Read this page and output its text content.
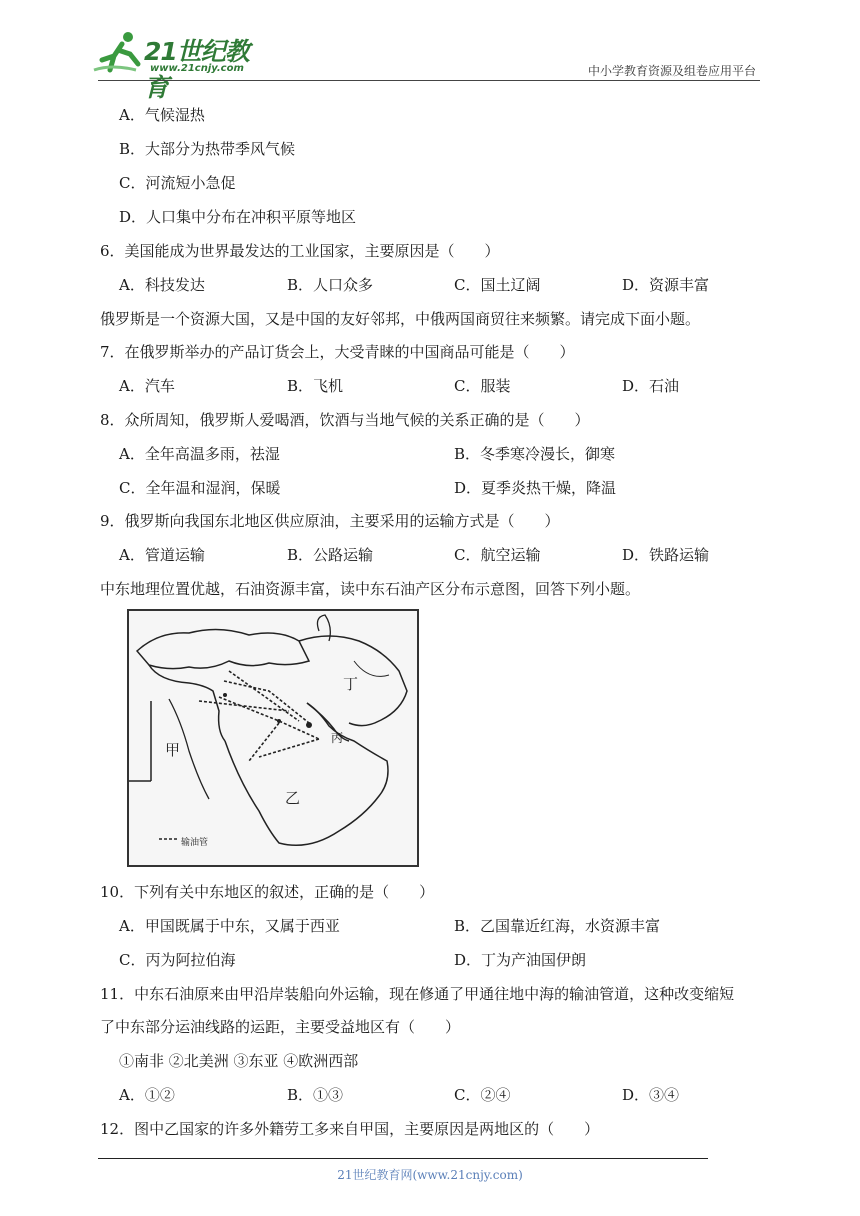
21世纪教育
www.21cnjy.com	中小学教育资源及组卷应用平台
A．气候湿热
B．大部分为热带季风气候
C．河流短小急促
D．人口集中分布在冲积平原等地区
6．美国能成为世界最发达的工业国家，主要原因是（　　）
A．科技发达	B．人口众多	C．国土辽阔	D．资源丰富
俄罗斯是一个资源大国，又是中国的友好邻邦，中俄两国商贸往来频繁。请完成下面小题。
7．在俄罗斯举办的产品订货会上，大受青睐的中国商品可能是（　　）
A．汽车	B．飞机	C．服装	D．石油
8．众所周知，俄罗斯人爱喝酒，饮酒与当地气候的关系正确的是（　　）
A．全年高温多雨，祛湿	B．冬季寒冷漫长，御寒
C．全年温和湿润，保暖	D．夏季炎热干燥，降温
9．俄罗斯向我国东北地区供应原油，主要采用的运输方式是（　　）
A．管道运输	B．公路运输	C．航空运输	D．铁路运输
中东地理位置优越，石油资源丰富，读中东石油产区分布示意图，回答下列小题。
甲
乙
丙
丁
输油管
10．下列有关中东地区的叙述，正确的是（　　）
A．甲国既属于中东，又属于西亚	B．乙国靠近红海，水资源丰富
C．丙为阿拉伯海	D．丁为产油国伊朗
11．中东石油原来由甲沿岸装船向外运输，现在修通了甲通往地中海的输油管道，这种改变缩短
了中东部分运油线路的运距，主要受益地区有（　　）
①南非 ②北美洲 ③东亚 ④欧洲西部
A．①②	B．①③	C．②④	D．③④
12．图中乙国家的许多外籍劳工多来自甲国，主要原因是两地区的（　　）
21世纪教育网(www.21cnjy.com)
